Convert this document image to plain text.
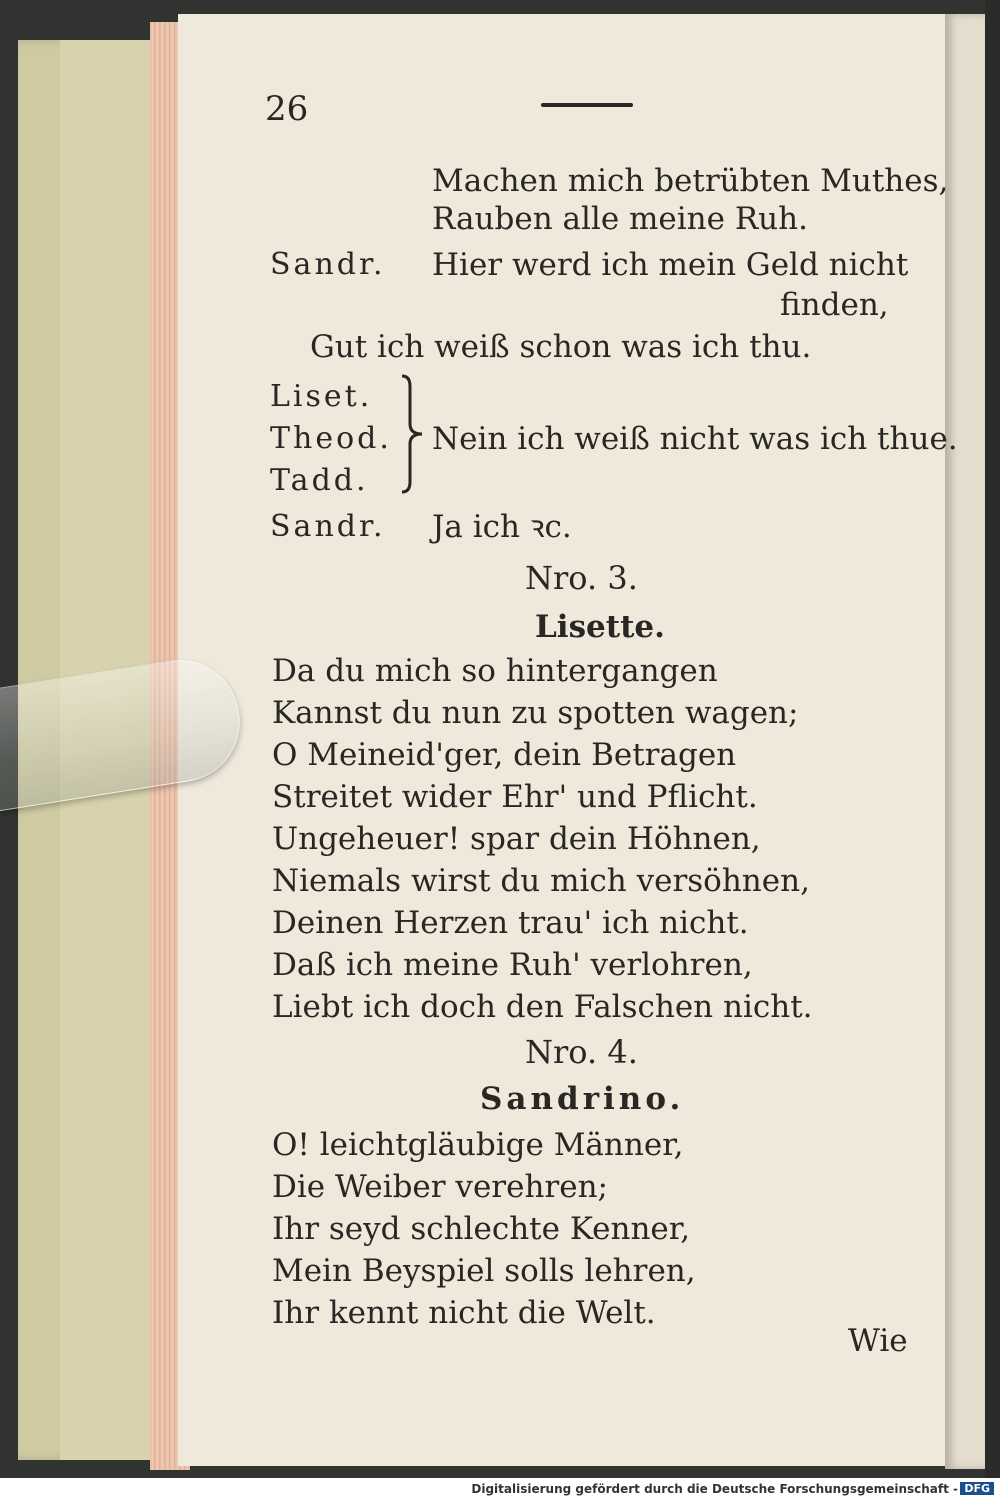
26
Machen mich betrübten Muthes,
Rauben alle meine Ruh.
Sandr. Hier werd ich mein Geld nicht
finden,
Gut ich weiß schon was ich thu.
Liset.
Theod.
Tadd.
Nein ich weiß nicht was ich thue.
Sandr. Ja ich ꝛc.
Nro. 3.
Lisette.
Da du mich so hintergangen
Kannst du nun zu spotten wagen;
O Meineid'ger, dein Betragen
Streitet wider Ehr' und Pflicht.
Ungeheuer! spar dein Höhnen,
Niemals wirst du mich versöhnen,
Deinen Herzen trau' ich nicht.
Daß ich meine Ruh' verlohren,
Liebt ich doch den Falschen nicht.
Nro. 4.
Sandrino.
O! leichtgläubige Männer,
Die Weiber verehren;
Ihr seyd schlechte Kenner,
Mein Beyspiel solls lehren,
Ihr kennt nicht die Welt.
Wie
Digitalisierung gefördert durch die Deutsche Forschungsgemeinschaft - DFG
